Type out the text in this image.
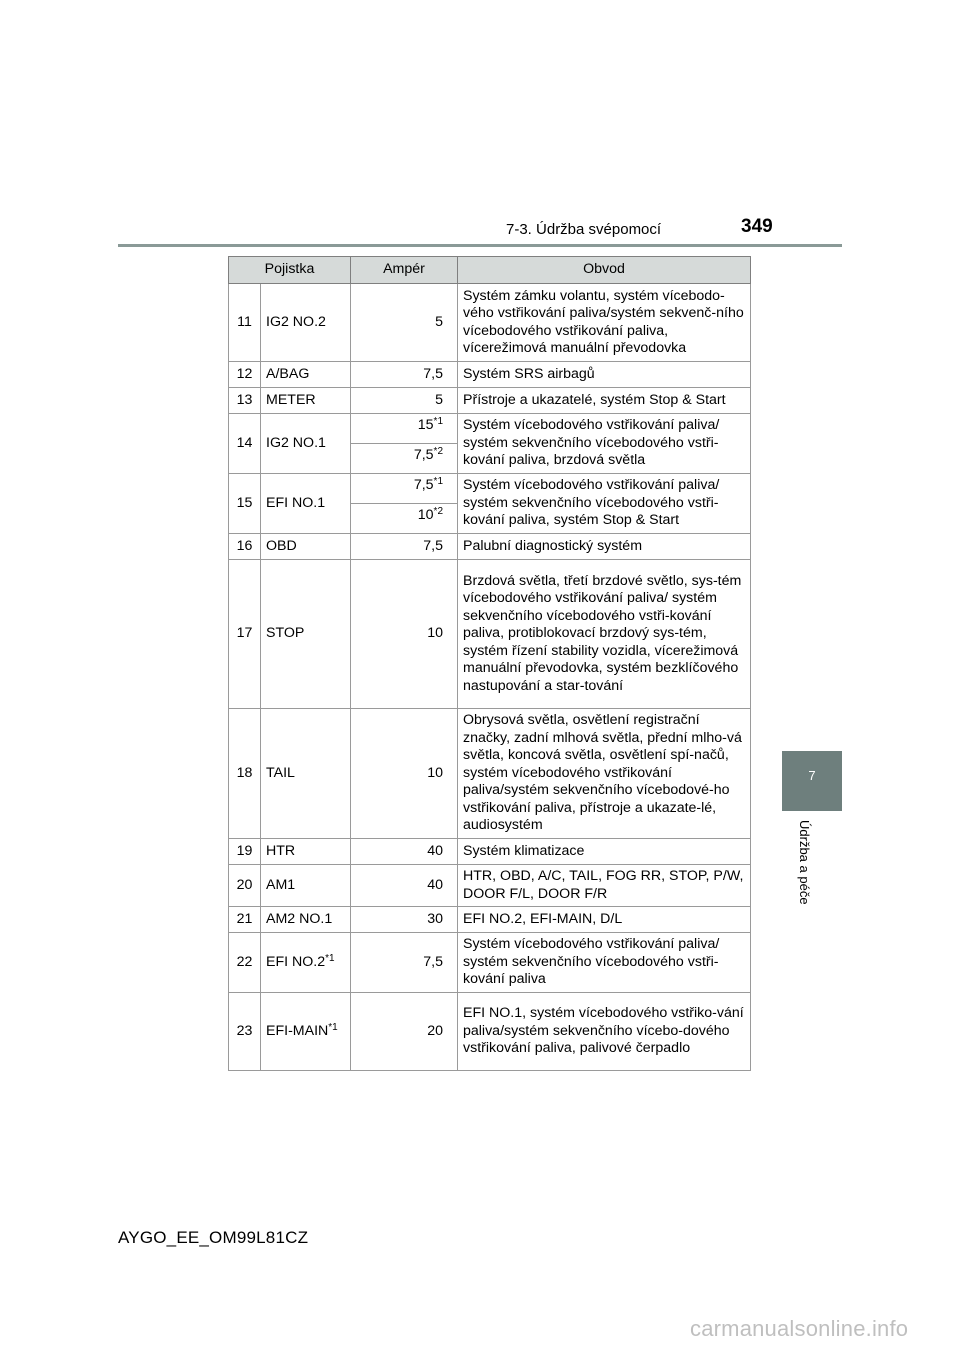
7-3. Údržba svépomocí	349
7
Údržba a péče
Pojistka		Ampér	Obvod
11	IG2 NO.2	5	Systém zámku volantu, systém vícebodo-vého vstřikování paliva/systém sekvenč-ního vícebodového vstřikování paliva, vícerežimová manuální převodovka
12	A/BAG	7,5	Systém SRS airbagů
13	METER	5	Přístroje a ukazatelé, systém Stop & Start
14	IG2 NO.1	15$^{*1}$	Systém vícebodového vstřikování paliva/ systém sekvenčního vícebodového vstři-kování paliva, brzdová světla
		7,5$^{*2}$
15	EFI NO.1	7,5$^{*1}$	Systém vícebodového vstřikování paliva/ systém sekvenčního vícebodového vstři-kování paliva, systém Stop & Start
		10$^{*2}$
16	OBD	7,5	Palubní diagnostický systém
17	STOP	10	Brzdová světla, třetí brzdové světlo, sys-tém vícebodového vstřikování paliva/ systém sekvenčního vícebodového vstři-kování paliva, protiblokovací brzdový sys-tém, systém řízení stability vozidla, vícerežimová manuální převodovka, systém bezklíčového nastupování a star-tování
18	TAIL	10	Obrysová světla, osvětlení registrační značky, zadní mlhová světla, přední mlho-vá světla, koncová světla, osvětlení spí-načů, systém vícebodového vstřikování paliva/systém sekvenčního vícebodové-ho vstřikování paliva, přístroje a ukazate-lé, audiosystém
19	HTR	40	Systém klimatizace
20	AM1	40	HTR, OBD, A/C, TAIL, FOG RR, STOP, P/W, DOOR F/L, DOOR F/R
21	AM2 NO.1	30	EFI NO.2, EFI-MAIN, D/L
22	EFI NO.2$^{*1}$	7,5	Systém vícebodového vstřikování paliva/ systém sekvenčního vícebodového vstři-kování paliva
23	EFI-MAIN$^{*1}$	20	EFI NO.1, systém vícebodového vstřiko-vání paliva/systém sekvenčního vícebo-dového vstřikování paliva, palivové čerpadlo
AYGO_EE_OM99L81CZ
carmanualsonline.info
